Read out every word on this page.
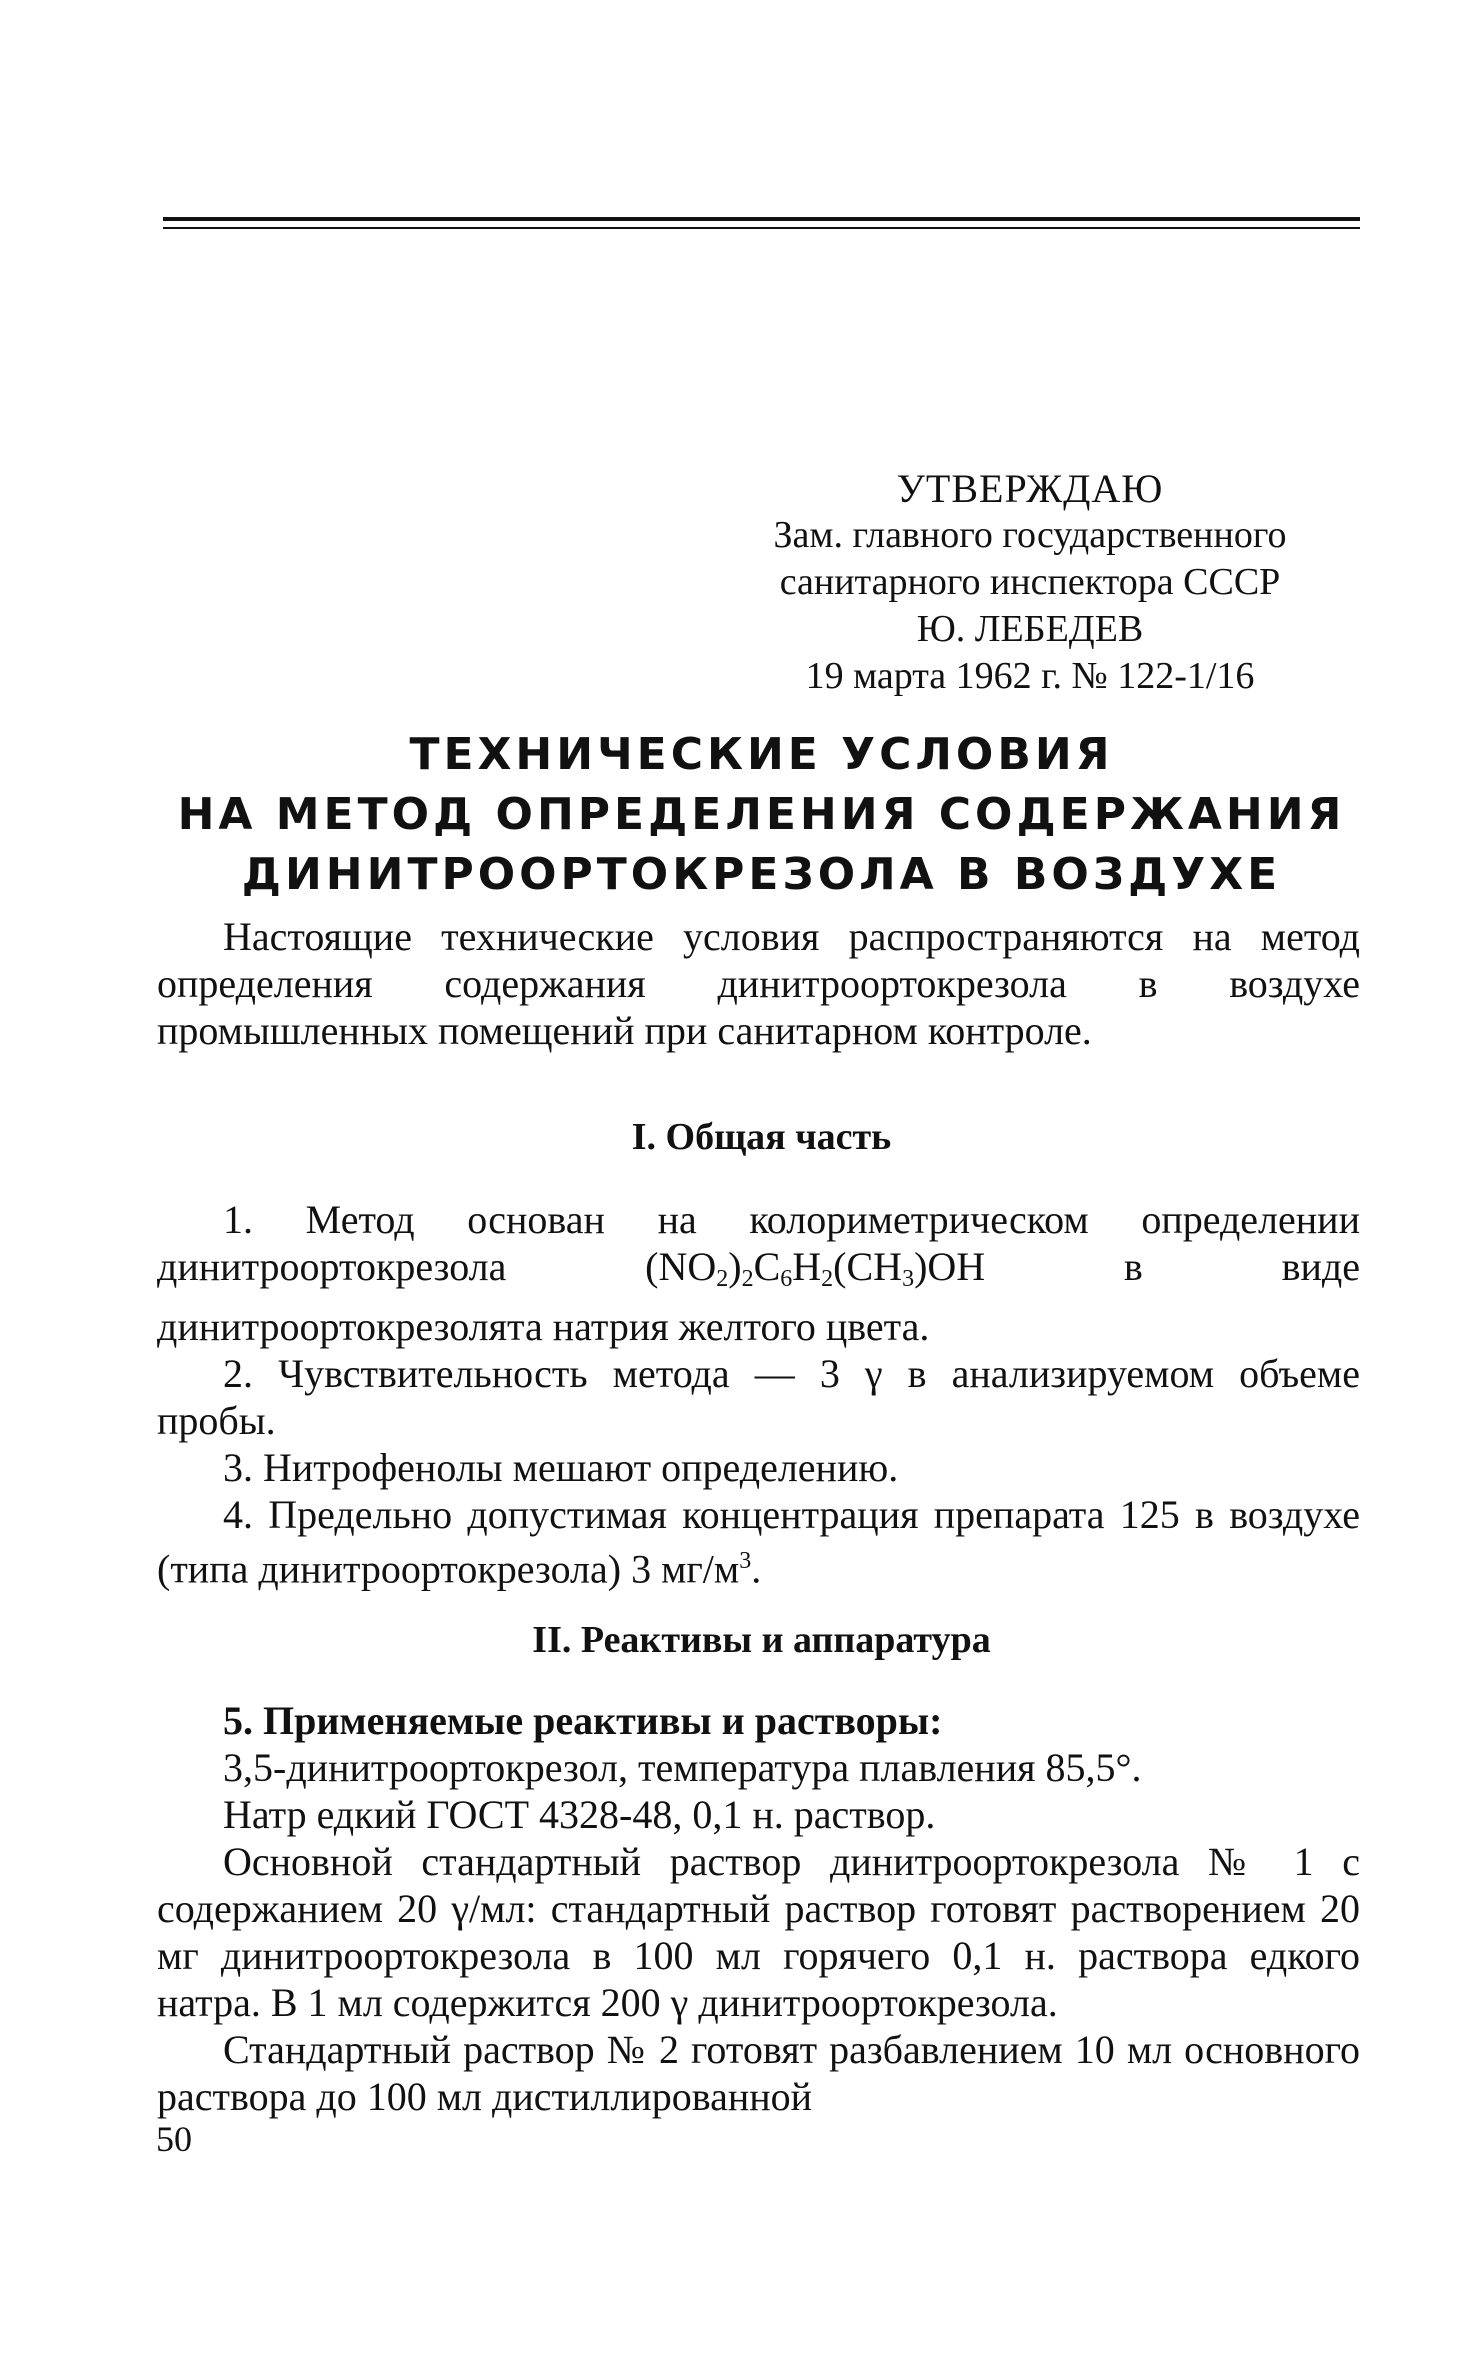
УТВЕРЖДАЮ
Зам. главного государственного
санитарного инспектора СССР
Ю. ЛЕБЕДЕВ
19 марта 1962 г. № 122-1/16
ТЕХНИЧЕСКИЕ УСЛОВИЯ
НА МЕТОД ОПРЕДЕЛЕНИЯ СОДЕРЖАНИЯ
ДИНИТРООРТОКРЕЗОЛА В ВОЗДУХЕ

Настоящие технические условия распространяются на метод определения содержания динитроортокрезола в воздухе промышленных помещений при санитарном контроле.

I. Общая часть

1. Метод основан на колориметрическом определении динитроортокрезола $(NO_2)_2C_6H_2(CH_3)OH$ в виде динитроортокрезолята натрия желтого цвета.

2. Чувствительность метода — 3 γ в анализируемом объеме пробы.

3. Нитрофенолы мешают определению.

4. Предельно допустимая концентрация препарата 125 в воздухе (типа динитроортокрезола) 3 $мг/м^3$.

II. Реактивы и аппаратура

5. Применяемые реактивы и растворы:

3,5-динитроортокрезол, температура плавления 85,5°.

Натр едкий ГОСТ 4328-48, 0,1 н. раствор.

Основной стандартный раствор динитроортокрезола № 1 с содержанием 20 γ/мл: стандартный раствор готовят растворением 20 мг динитроортокрезола в 100 мл горячего 0,1 н. раствора едкого натра. В 1 мл содержится 200 γ динитроортокрезола.

Стандартный раствор № 2 готовят разбавлением 10 мл основного раствора до 100 мл дистиллированной

50
